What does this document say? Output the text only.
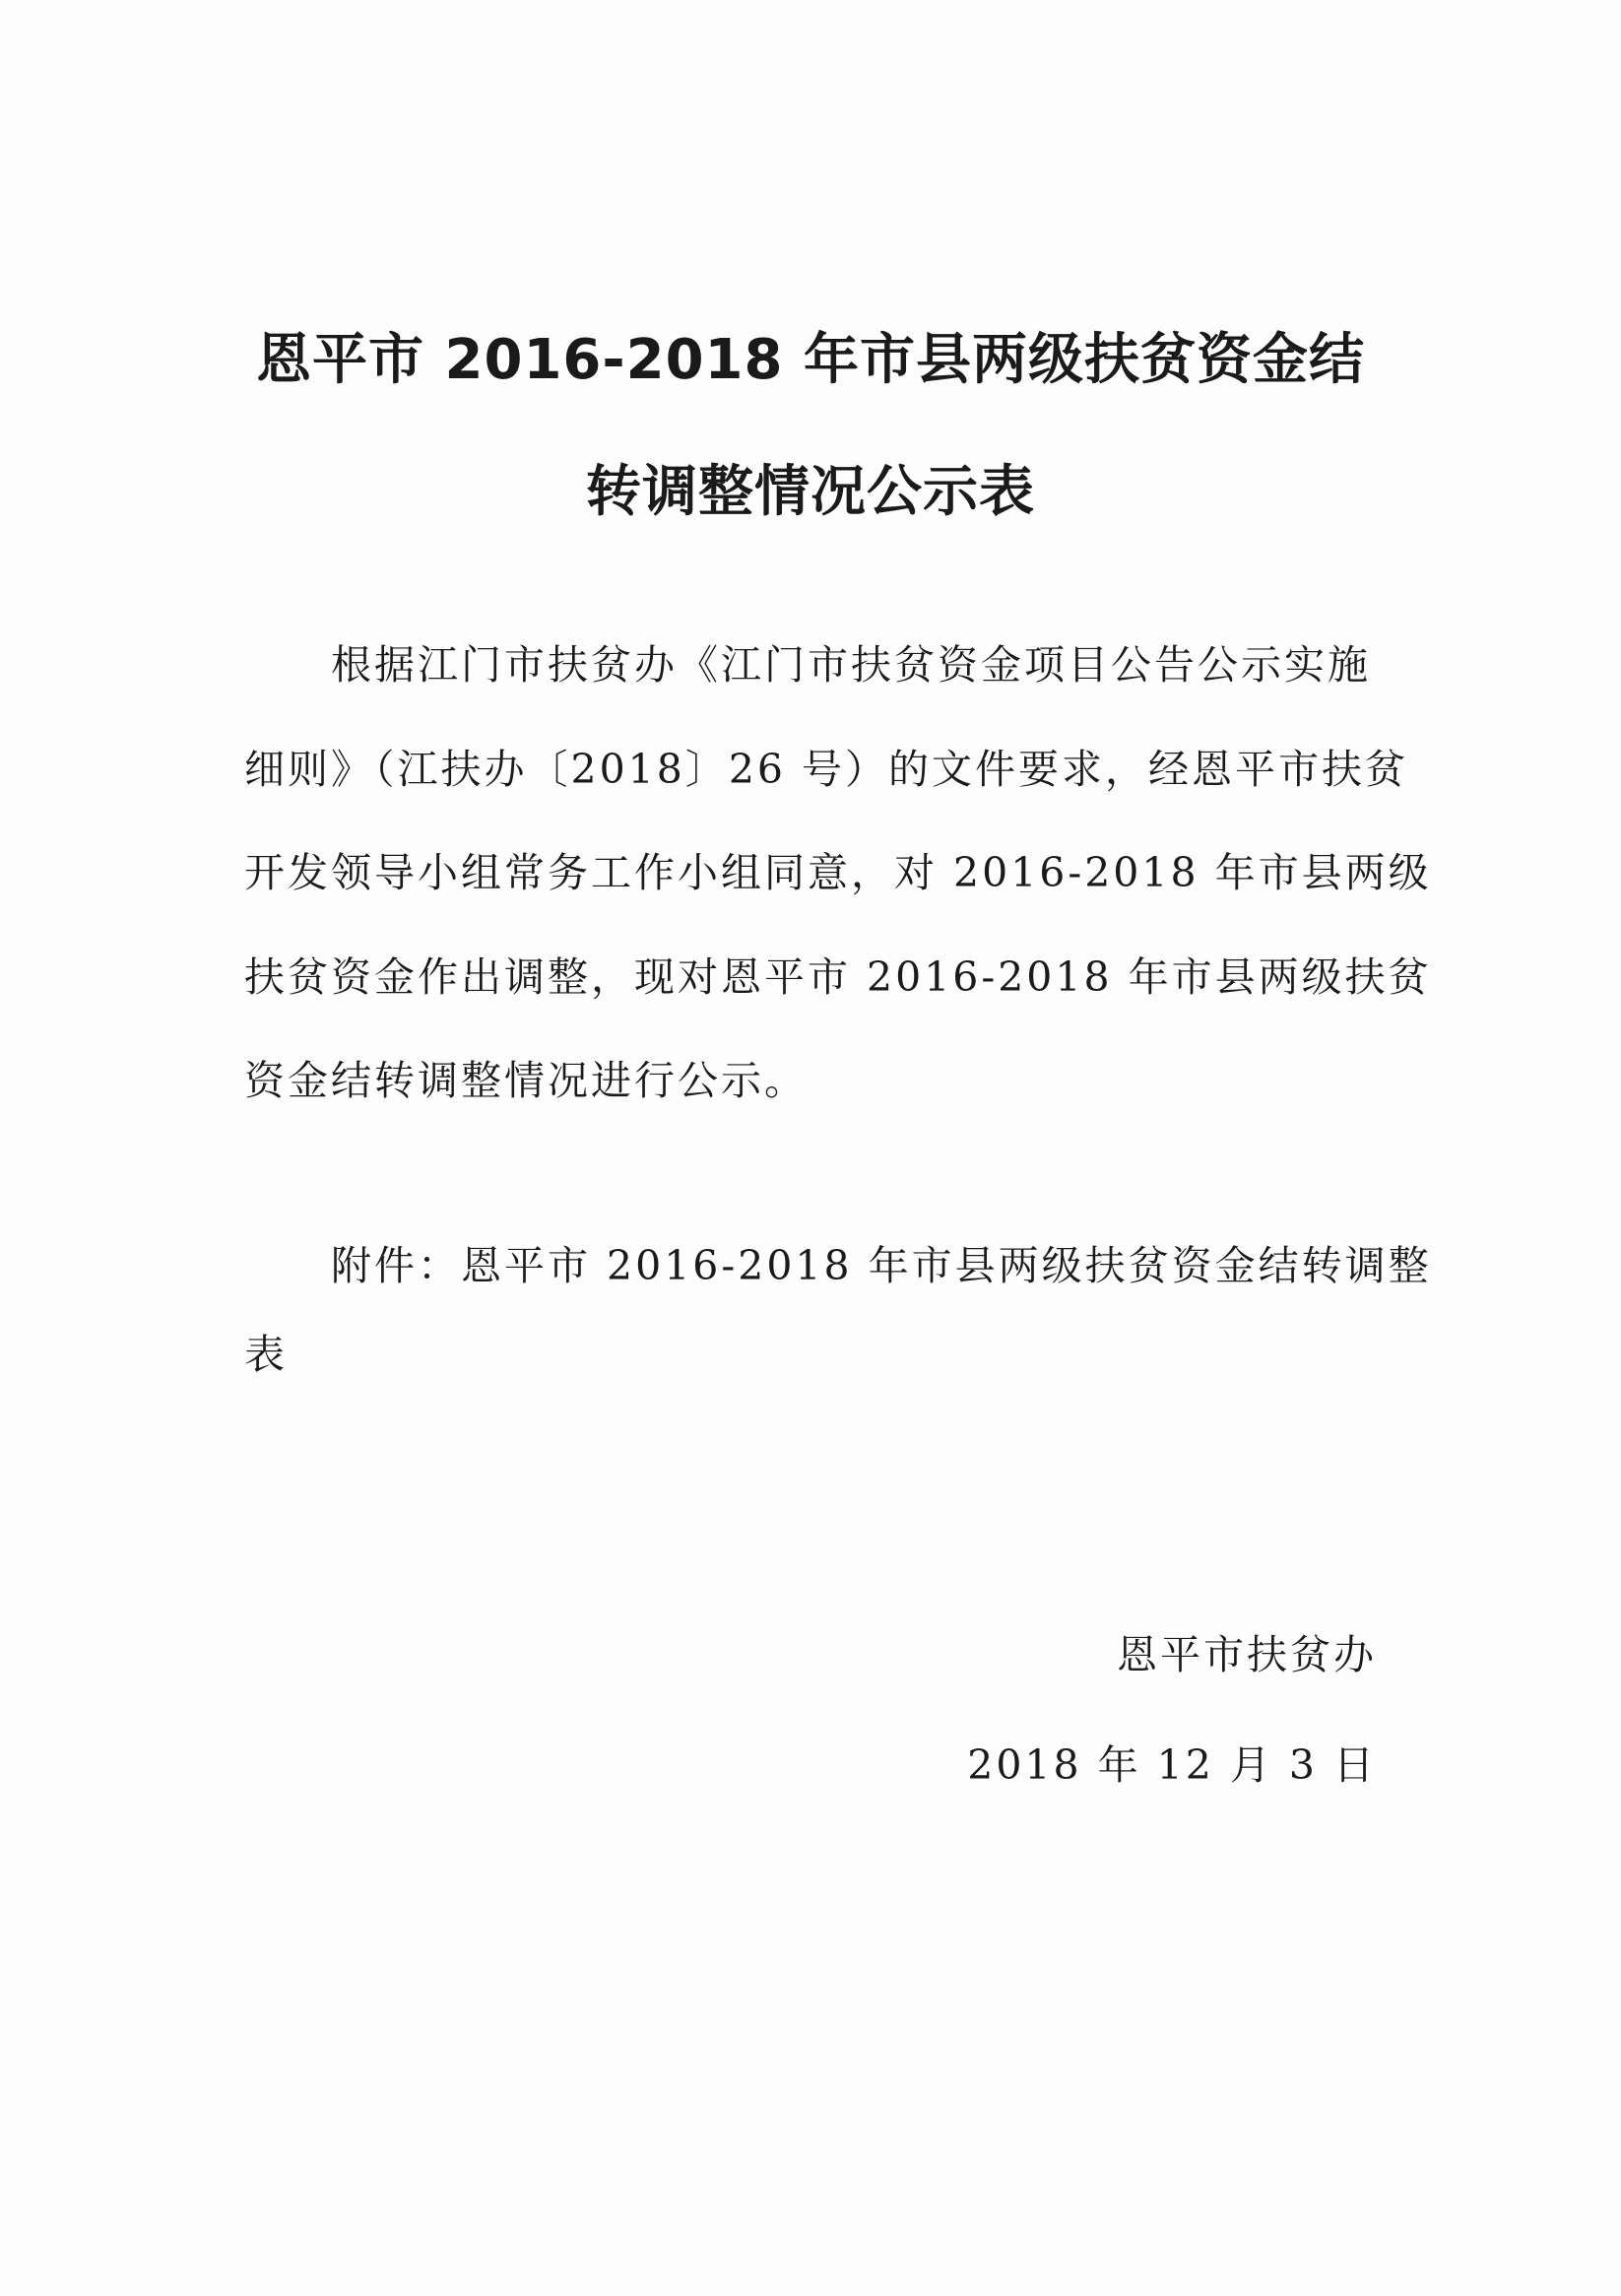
恩平市 2016-2018 年市县两级扶贫资金结
转调整情况公示表
根据江门市扶贫办《江门市扶贫资金项目公告公示实施
细则》（江扶办〔2018〕26 号）的文件要求，经恩平市扶贫
开发领导小组常务工作小组同意，对 2016-2018 年市县两级
扶贫资金作出调整，现对恩平市 2016-2018 年市县两级扶贫
资金结转调整情况进行公示。
附件：恩平市 2016-2018 年市县两级扶贫资金结转调整
表
恩平市扶贫办
2018 年 12 月 3 日
